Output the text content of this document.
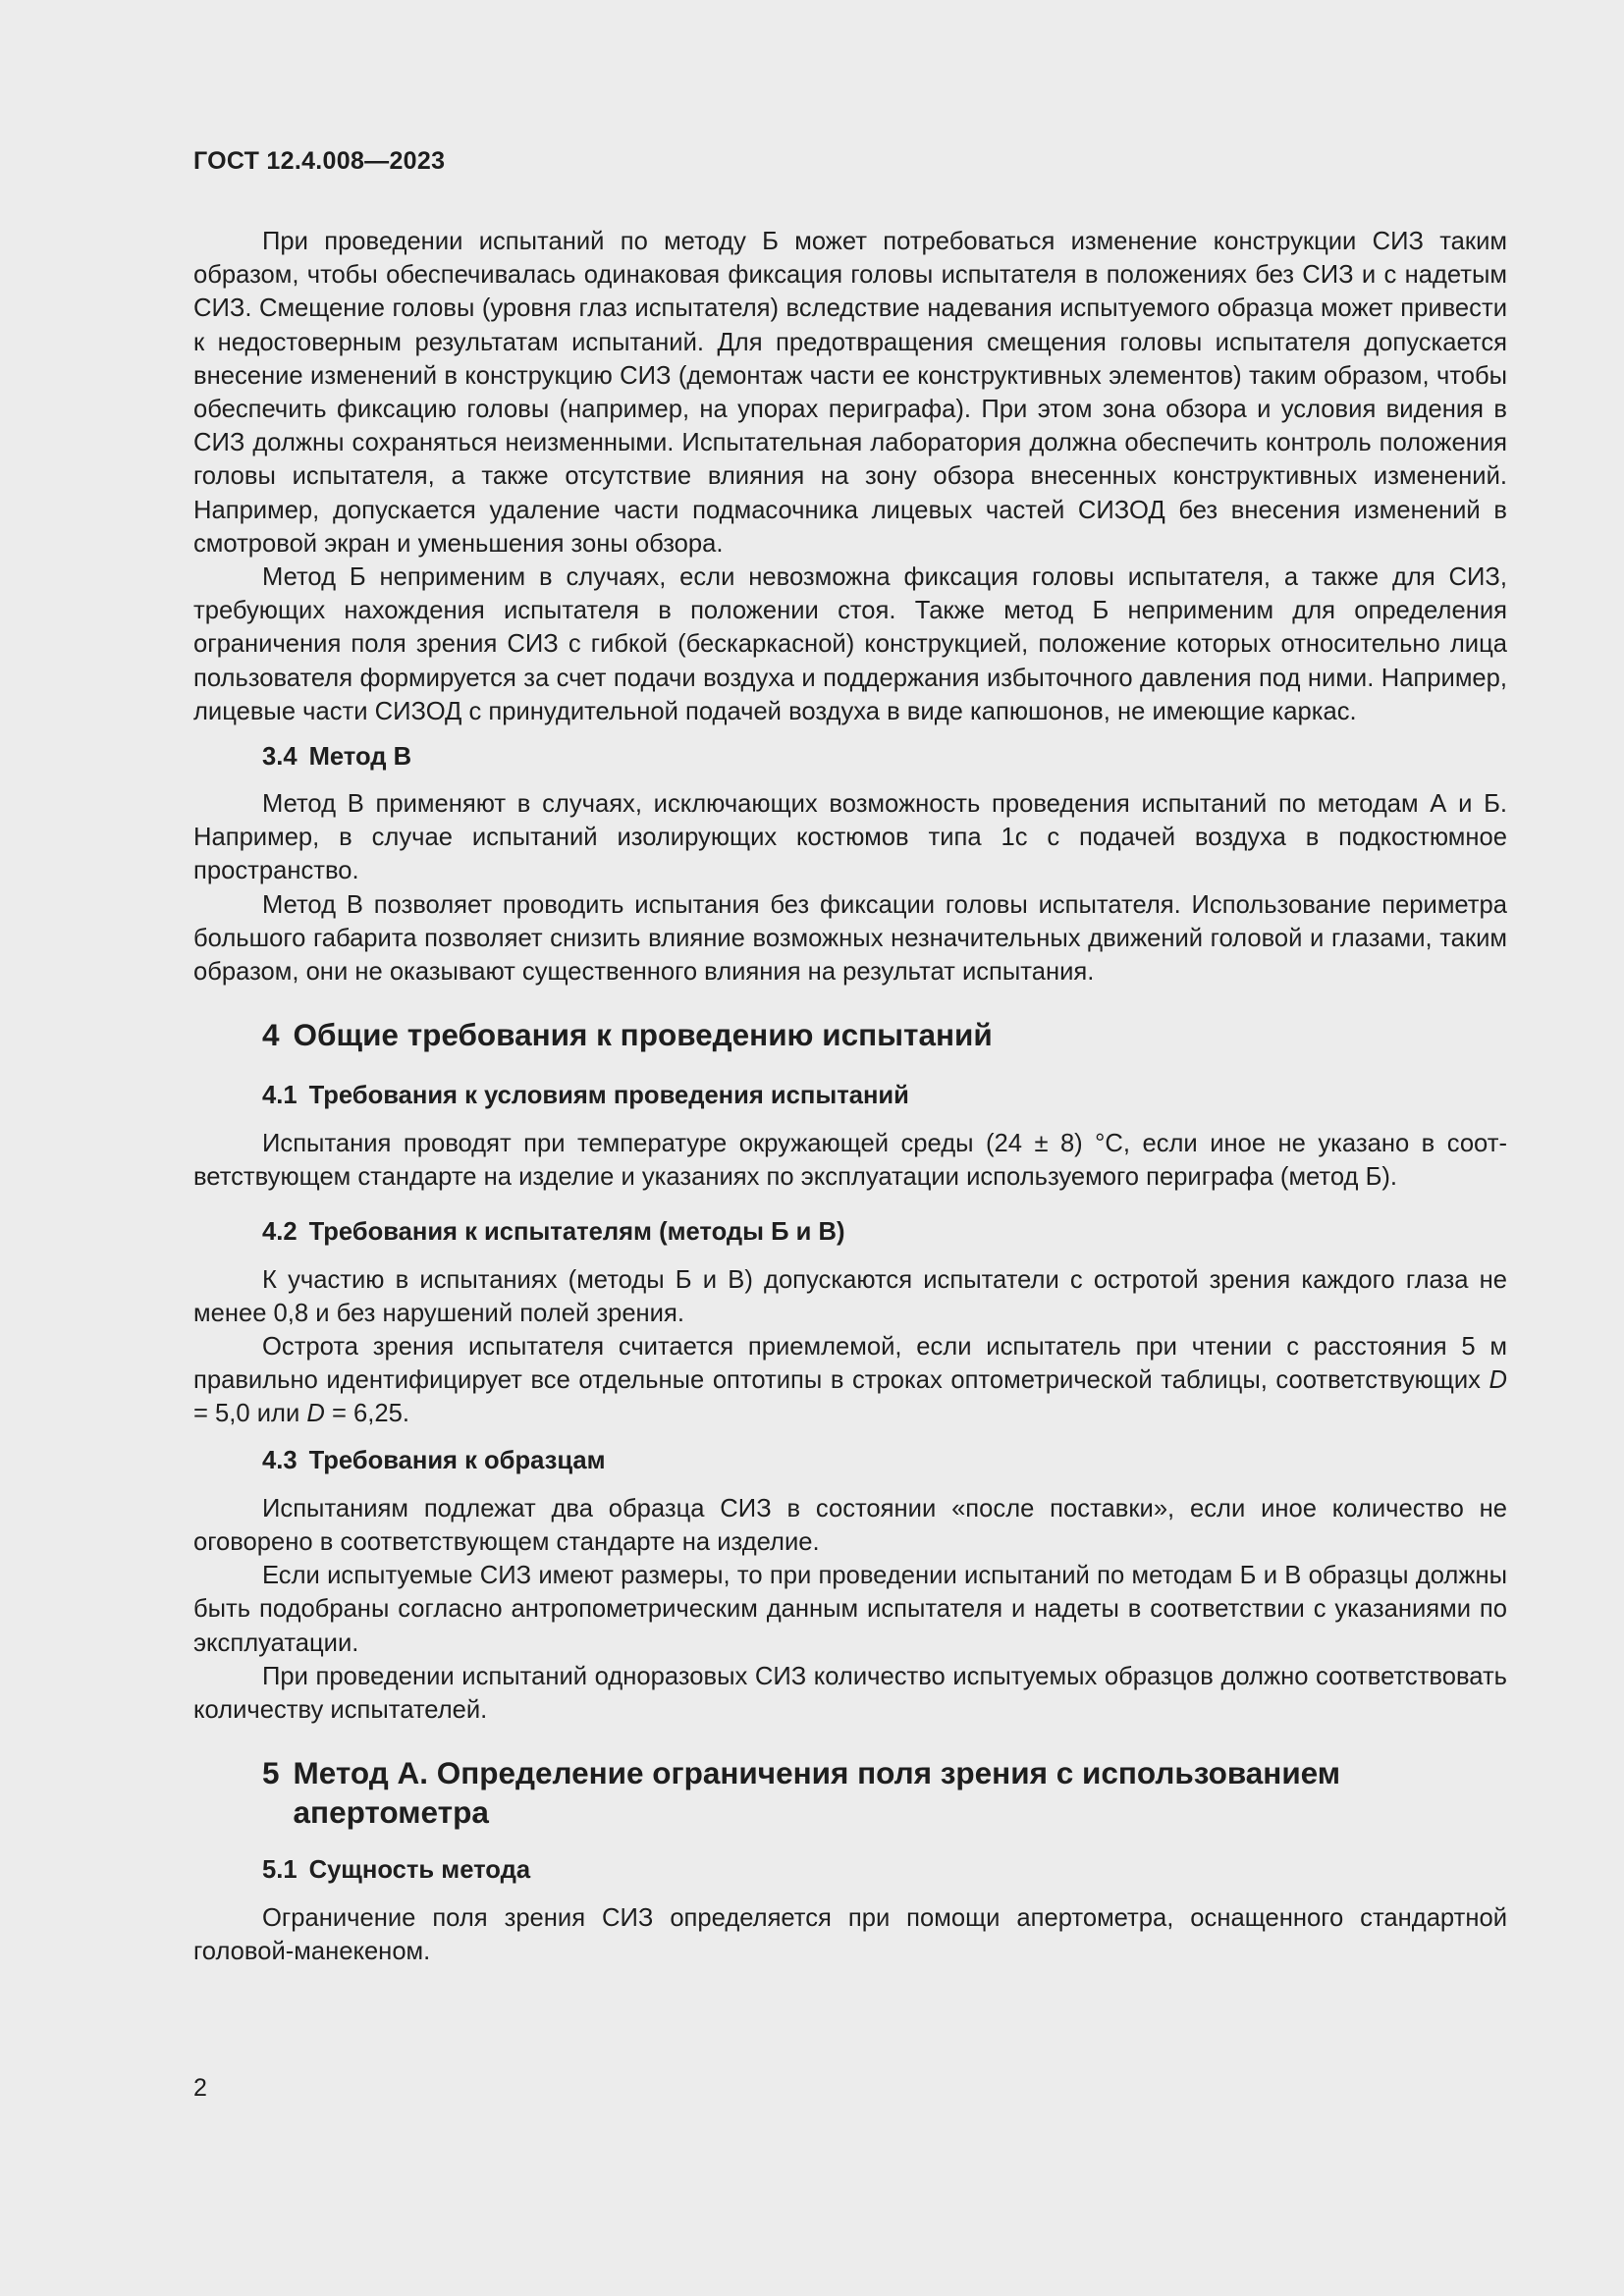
ГОСТ 12.4.008—2023

При проведении испытаний по методу Б может потребоваться изменение конструкции СИЗ таким образом, чтобы обеспечивалась одинаковая фиксация головы испытателя в положениях без СИЗ и с надетым СИЗ. Смещение головы (уровня глаз испытателя) вследствие надевания испытуемого образца может привести к недостоверным результатам испытаний. Для предотвращения смещения головы испытателя допускается внесение изменений в конструкцию СИЗ (демонтаж части ее конструктивных элементов) таким образом, чтобы обеспечить фиксацию головы (например, на упорах периграфа). При этом зона обзора и условия видения в СИЗ должны сохраняться неизменными. Испытательная лаборатория должна обеспечить контроль положения головы испытателя, а также отсутствие влияния на зону обзора внесенных конструктивных изменений. Например, допускается удаление части подмасочника лицевых частей СИЗОД без внесения изменений в смотровой экран и уменьшения зоны обзора.

Метод Б неприменим в случаях, если невозможна фиксация головы испытателя, а также для СИЗ, требующих нахождения испытателя в положении стоя. Также метод Б неприменим для определения ограничения поля зрения СИЗ с гибкой (бескаркасной) конструкцией, положение которых относительно лица пользователя формируется за счет подачи воздуха и поддержания избыточного давления под ними. Например, лицевые части СИЗОД с принудительной подачей воздуха в виде капюшонов, не имеющие каркас.

3.4 Метод В

Метод В применяют в случаях, исключающих возможность проведения испытаний по методам А и Б. Например, в случае испытаний изолирующих костюмов типа 1с с подачей воздуха в подкостюмное пространство.

Метод В позволяет проводить испытания без фиксации головы испытателя. Использование периметра большого габарита позволяет снизить влияние возможных незначительных движений головой и глазами, таким образом, они не оказывают существенного влияния на результат испытания.

4 Общие требования к проведению испытаний
4.1 Требования к условиям проведения испытаний

Испытания проводят при температуре окружающей среды (24 ± 8) °С, если иное не указано в соответствующем стандарте на изделие и указаниях по эксплуатации используемого периграфа (метод Б).

4.2 Требования к испытателям (методы Б и В)

К участию в испытаниях (методы Б и В) допускаются испытатели с остротой зрения каждого глаза не менее 0,8 и без нарушений полей зрения.

Острота зрения испытателя считается приемлемой, если испытатель при чтении с расстояния 5 м правильно идентифицирует все отдельные оптотипы в строках оптометрической таблицы, соответствующих D = 5,0 или D = 6,25.

4.3 Требования к образцам

Испытаниям подлежат два образца СИЗ в состоянии «после поставки», если иное количество не оговорено в соответствующем стандарте на изделие.

Если испытуемые СИЗ имеют размеры, то при проведении испытаний по методам Б и В образцы должны быть подобраны согласно антропометрическим данным испытателя и надеты в соответствии с указаниями по эксплуатации.

При проведении испытаний одноразовых СИЗ количество испытуемых образцов должно соответствовать количеству испытателей.

5 Метод А. Определение ограничения поля зрения с использованием апертометра
5.1 Сущность метода

Ограничение поля зрения СИЗ определяется при помощи апертометра, оснащенного стандартной головой-манекеном.

2
